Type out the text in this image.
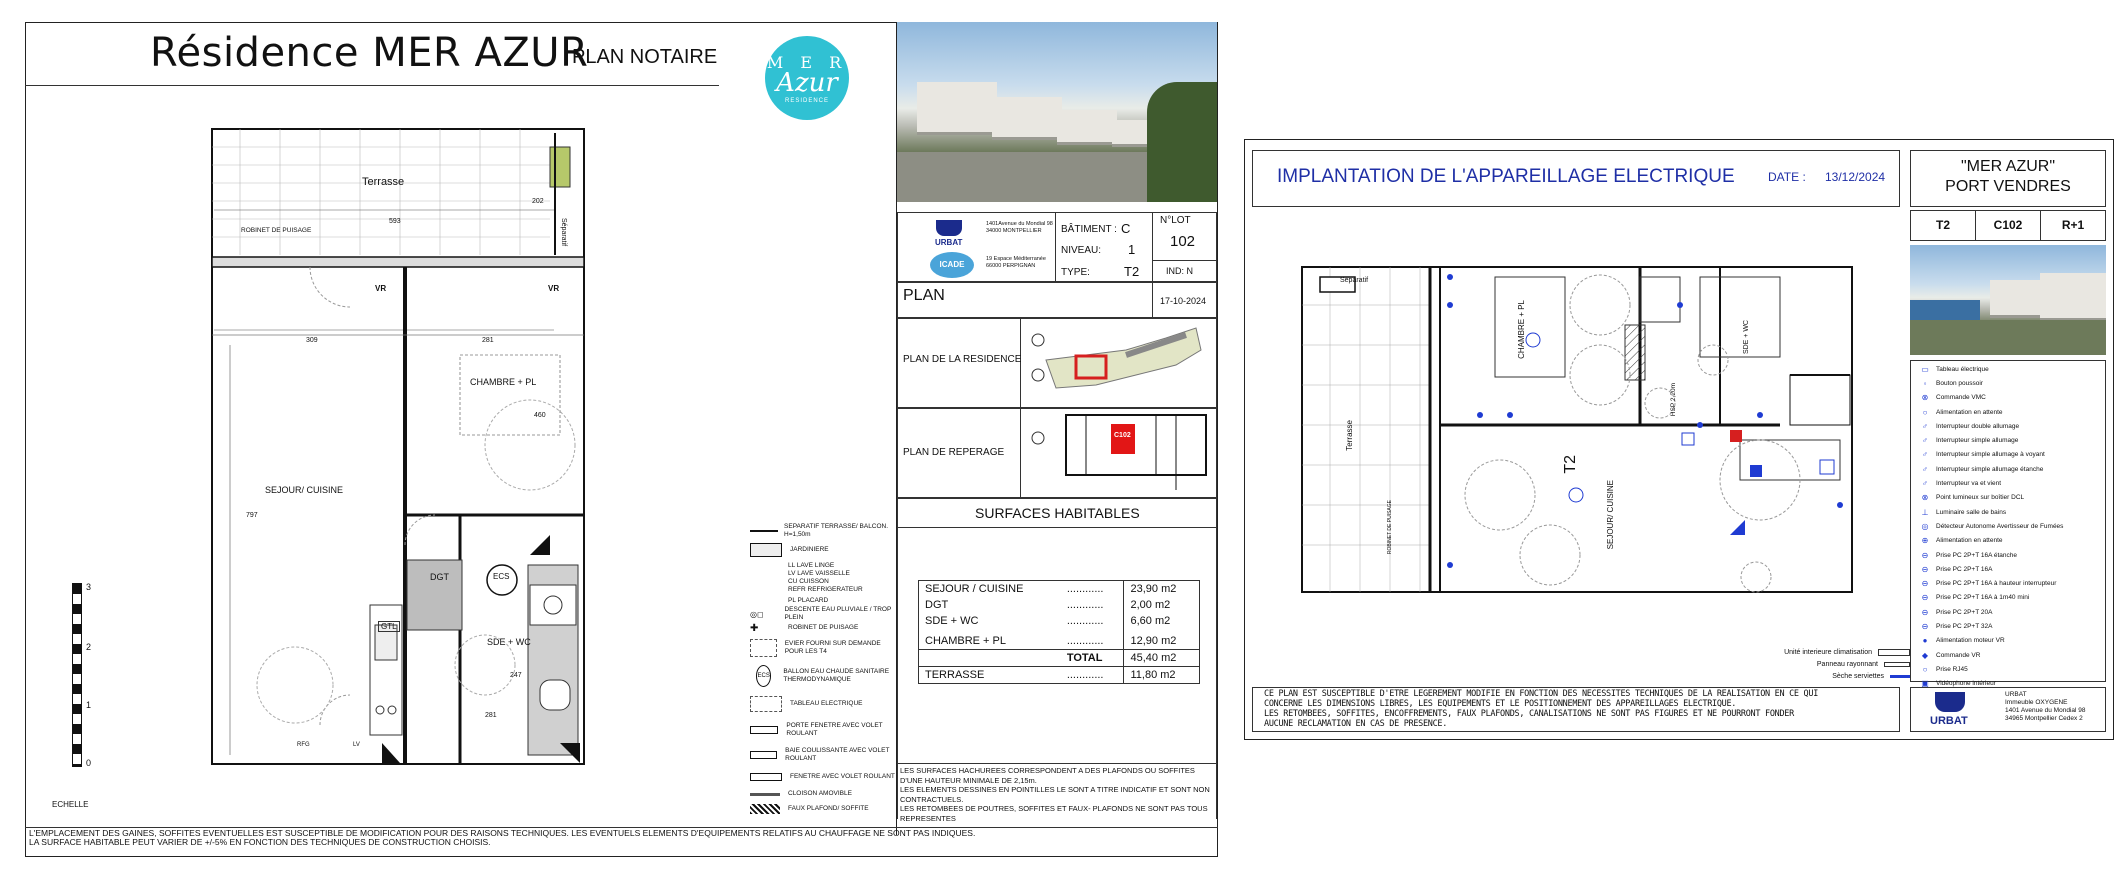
Résidence MER AZUR
PLAN NOTAIRE	M E R
Azur
RESIDENCE
Terrasse
593
202
ROBINET DE PUISAGE	Séparatif
VR	VR
309	281
CHAMBRE + PL
460
SEJOUR/ CUISINE
797
DGT	ECS
GTL
SDE + WC
247
281
RFG	LV
3
2
1
0
ECHELLE
SEPARATIF TERRASSE/ BALCON. H=1,50m
JARDINIERE
LL LAVE LINGE
LV LAVE VAISSELLE
CU CUISSON
REFR REFRIGERATEUR
PL PLACARD
◎◻	DESCENTE EAU PLUVIALE / TROP PLEIN
✚	ROBINET DE PUISAGE
EVIER FOURNI SUR DEMANDE POUR LES T4
ECS
BALLON EAU CHAUDE SANITAIRE THERMODYNAMIQUE
TABLEAU ELECTRIQUE
PORTE FENETRE AVEC VOLET ROULANT
BAIE COULISSANTE AVEC VOLET ROULANT
FENETRE AVEC VOLET ROULANT
CLOISON AMOVIBLE
FAUX PLAFOND/ SOFFITE
URBAT
1401Avenue du Mondial 98
34000 MONTPELLIER
ICADE
19 Espace Méditerranée
66000 PERPIGNAN
BÂTIMENT : C
NIVEAU: 1
TYPE:	T2
N°LOT
102
IND: N
PLAN	17-10-2024
PLAN DE LA RESIDENCE
PLAN DE REPERAGE
C102
SURFACES HABITABLES
SEJOUR / CUISINE	............	23,90 m2
DGT	............	2,00 m2
SDE + WC	............	6,60 m2
CHAMBRE + PL	............	12,90 m2
	TOTAL	45,40 m2
TERRASSE	............	11,80 m2
LES SURFACES HACHUREES CORRESPONDENT A DES PLAFONDS OU SOFFITES D'UNE HAUTEUR MINIMALE DE 2,15m.
LES ELEMENTS DESSINES EN POINTILLES LE SONT A TITRE INDICATIF ET SONT NON CONTRACTUELS.
LES RETOMBEES DE POUTRES, SOFFITES ET FAUX- PLAFONDS NE SONT PAS TOUS REPRESENTES
L'EMPLACEMENT DES GAINES, SOFFITES EVENTUELLES EST SUSCEPTIBLE DE MODIFICATION POUR DES RAISONS TECHNIQUES. LES EVENTUELS ELEMENTS D'EQUIPEMENTS RELATIFS AU CHAUFFAGE NE SONT PAS INDIQUES.
LA SURFACE HABITABLE PEUT VARIER DE +/-5% EN FONCTION DES TECHNIQUES DE CONSTRUCTION CHOISIS.
IMPLANTATION DE L'APPAREILLAGE ELECTRIQUE	DATE : 13/12/2024
"MER AZUR"
PORT VENDRES
T2	C102	R+1
▭	Tableau électrique
◦	Bouton poussoir
⊗	Commande VMC
○	Alimentation en attente
♂	Interrupteur double allumage
♂	Interrupteur simple allumage
♂	Interrupteur simple allumage à voyant
♂	Interrupteur simple allumage étanche
♂	Interrupteur va et vient
⊗	Point lumineux sur boîtier DCL
⊥	Luminaire salle de bains
◎	Détecteur Autonome Avertisseur de Fumées
⊕	Alimentation en attente
⊖	Prise PC 2P+T 16A étanche
⊖	Prise PC 2P+T 16A
⊖	Prise PC 2P+T 16A à hauteur interrupteur
⊖	Prise PC 2P+T 16A à 1m40 mini
⊖	Prise PC 2P+T 20A
⊖	Prise PC 2P+T 32A
●	Alimentation moteur VR
◆	Commande VR
○	Prise RJ45
▣	Vidéophone intérieur
URBAT
URBAT
Immeuble OXYGENE
1401 Avenue du Mondial 98
34965 Montpellier Cedex 2
Séparatif
CHAMBRE + PL
Terrasse
T2
SEJOUR/ CUISINE
SDE + WC
HSP 2,20m
ROBINET DE PUISAGE
Unité interieure climatisation
Panneau rayonnant
Sèche serviettes
CE PLAN EST SUSCEPTIBLE D'ETRE LEGEREMENT MODIFIE EN FONCTION DES NECESSITES TECHNIQUES DE LA REALISATION EN CE QUI
CONCERNE LES DIMENSIONS LIBRES, LES EQUIPEMENTS ET LE POSITIONNEMENT DES APPAREILLAGES ELECTRIQUE.
LES RETOMBEES, SOFFITES, ENCOFFREMENTS, FAUX PLAFONDS, CANALISATIONS NE SONT PAS FIGURES ET NE POURRONT FONDER
AUCUNE RECLAMATION EN CAS DE PRESENCE.
